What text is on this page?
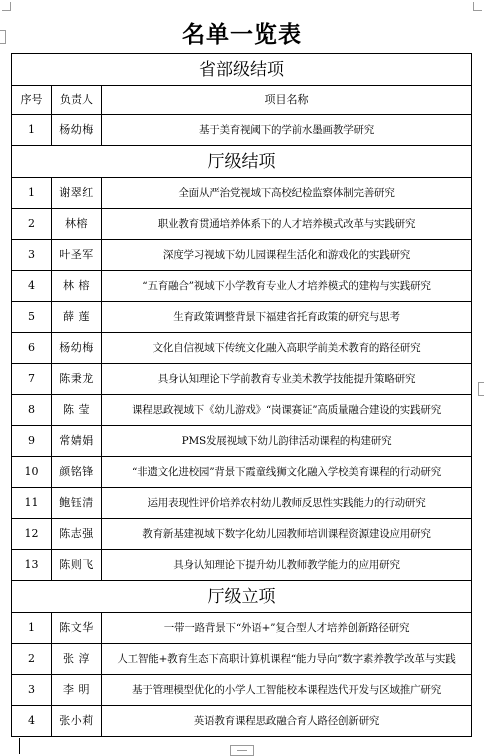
名单一览表
省部级结项		
序号	负责人	项目名称
1	杨幼梅	基于美育视阈下的学前水墨画教学研究
厅级结项		
1	谢翠红	全面从严治党视域下高校纪检监察体制完善研究
2	林榕	职业教育贯通培养体系下的人才培养模式改革与实践研究
3	叶圣军	深度学习视域下幼儿园课程生活化和游戏化的实践研究
4	林 榕	“五育融合”视域下小学教育专业人才培养模式的建构与实践研究
5	薛 莲	生育政策调整背景下福建省托育政策的研究与思考
6	杨幼梅	文化自信视域下传统文化融入高职学前美术教育的路径研究
7	陈秉龙	具身认知理论下学前教育专业美术教学技能提升策略研究
8	陈 莹	课程思政视域下《幼儿游戏》“岗课赛证”高质量融合建设的实践研究
9	常婧娟	PMS发展视域下幼儿韵律活动课程的构建研究
10	颜铭锋	“非遗文化进校园”背景下霞童线狮文化融入学校美育课程的行动研究
11	鲍钰清	运用表现性评价培养农村幼儿教师反思性实践能力的行动研究
12	陈志强	教育新基建视域下数字化幼儿园教师培训课程资源建设应用研究
13	陈则飞	具身认知理论下提升幼儿教师教学能力的应用研究
厅级立项		
1	陈文华	一带一路背景下“外语+”复合型人才培养创新路径研究
2	张 淳	人工智能+教育生态下高职计算机课程“能力导向”数字素养教学改革与实践
3	李 明	基于管理模型优化的小学人工智能校本课程迭代开发与区域推广研究
4	张小莉	英语教育课程思政融合育人路径创新研究
